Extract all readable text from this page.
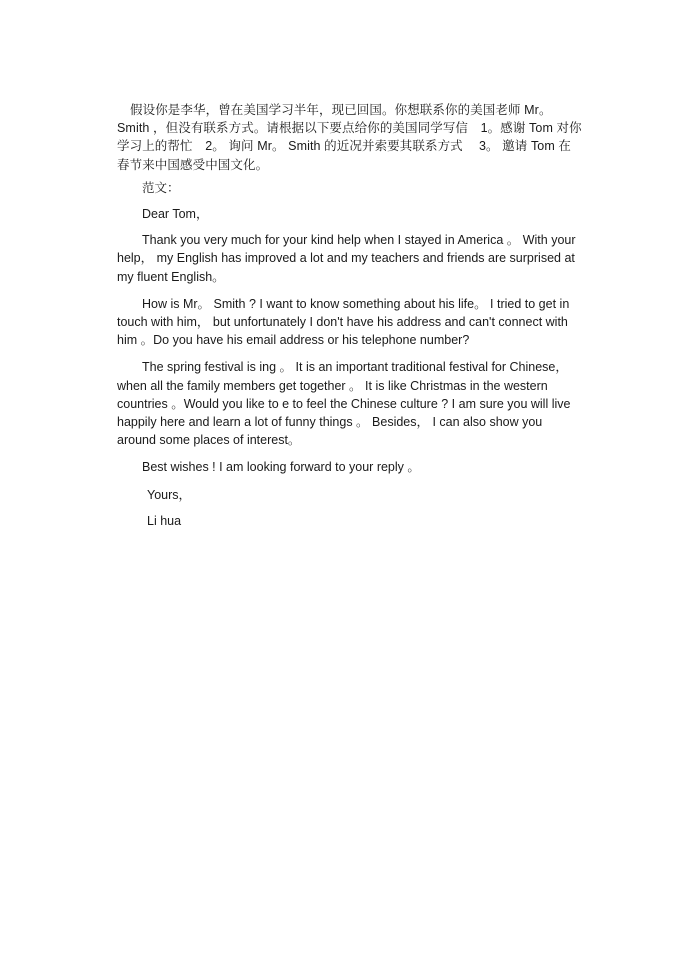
假设你是李华，曾在美国学习半年，现已回国。你想联系你的美国老师 Mr。 Smith ，但没有联系方式。请根据以下要点给你的美国同学写信　1。感谢 Tom 对你学习上的帮忙　2。 询问 Mr。 Smith 的近况并索要其联系方式　 3。 邀请 Tom 在春节来中国感受中国文化。

范文：

Dear Tom，

Thank you very much for your kind help when I stayed in America 。 With your help， my English has improved a lot and my teachers and friends are surprised at my fluent English。

How is Mr。 Smith ? I want to know something about his life。 I tried to get in touch with him， but unfortunately I don't have his address and can't connect with him 。Do you have his email address or his telephone number?

The spring festival is ing 。 It is an important traditional festival for Chinese，when all the family members get together 。 It is like Christmas in the western countries 。Would you like to e to feel the Chinese culture ? I am sure you will live happily here and learn a lot of funny things 。 Besides， I can also show you around some places of interest。

Best wishes ! I am looking forward to your reply 。

Yours，

Li hua
